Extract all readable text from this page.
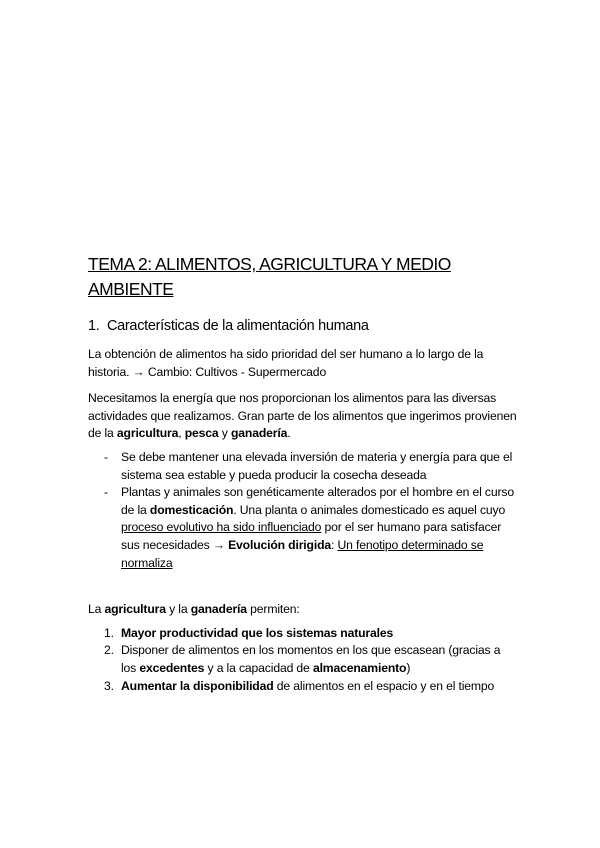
TEMA 2: ALIMENTOS, AGRICULTURA Y MEDIO
AMBIENTE
1. Características de la alimentación humana

La obtención de alimentos ha sido prioridad del ser humano a lo largo de la historia. → Cambio: Cultivos - Supermercado

Necesitamos la energía que nos proporcionan los alimentos para las diversas actividades que realizamos. Gran parte de los alimentos que ingerimos provienen de la agricultura, pesca y ganadería.

- Se debe mantener una elevada inversión de materia y energía para que el sistema sea estable y pueda producir la cosecha deseada
- Plantas y animales son genéticamente alterados por el hombre en el curso de la domesticación. Una planta o animales domesticado es aquel cuyo proceso evolutivo ha sido influenciado por el ser humano para satisfacer sus necesidades → Evolución dirigida: Un fenotipo determinado se normaliza

La agricultura y la ganadería permiten:

1. Mayor productividad que los sistemas naturales
2. Disponer de alimentos en los momentos en los que escasean (gracias a los excedentes y a la capacidad de almacenamiento)
3. Aumentar la disponibilidad de alimentos en el espacio y en el tiempo
